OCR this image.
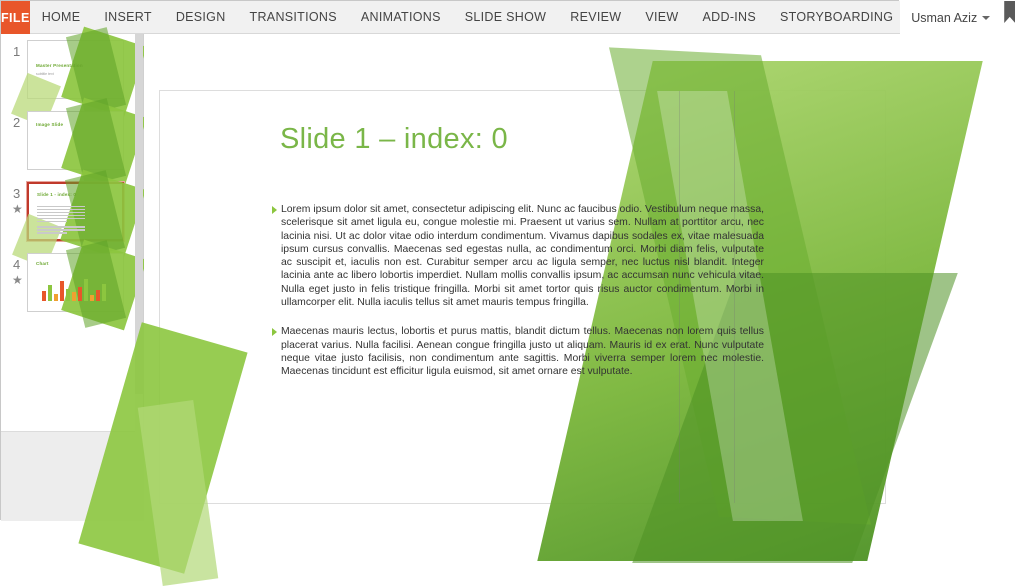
FILE HOME	INSERT	DESIGN	TRANSITIONS	ANIMATIONS	SLIDE SHOW	REVIEW	VIEW	ADD-INS	STORYBOARDING	Usman Aziz
1
Master Presentation
subtitle text
2	Image Slide
3
★
Slide 1 - index: 0
4
★
Chart
Slide 1 – index: 0
Lorem ipsum dolor sit amet, consectetur adipiscing elit. Nunc ac faucibus odio. Vestibulum neque massa, scelerisque sit amet ligula eu, congue molestie mi. Praesent ut varius sem. Nullam at porttitor arcu, nec lacinia nisi. Ut ac dolor vitae odio interdum condimentum. Vivamus dapibus sodales ex, vitae malesuada ipsum cursus convallis. Maecenas sed egestas nulla, ac condimentum orci. Morbi diam felis, vulputate ac suscipit et, iaculis non est. Curabitur semper arcu ac ligula semper, nec luctus nisl blandit. Integer lacinia ante ac libero lobortis imperdiet. Nullam mollis convallis ipsum, ac accumsan nunc vehicula vitae. Nulla eget justo in felis tristique fringilla. Morbi sit amet tortor quis risus auctor condimentum. Morbi in ullamcorper elit. Nulla iaculis tellus sit amet mauris tempus fringilla.
Maecenas mauris lectus, lobortis et purus mattis, blandit dictum tellus. Maecenas non lorem quis tellus placerat varius. Nulla facilisi. Aenean congue fringilla justo ut aliquam. Mauris id ex erat. Nunc vulputate neque vitae justo facilisis, non condimentum ante sagittis. Morbi viverra semper lorem nec molestie. Maecenas tincidunt est efficitur ligula euismod, sit amet ornare est vulputate.
